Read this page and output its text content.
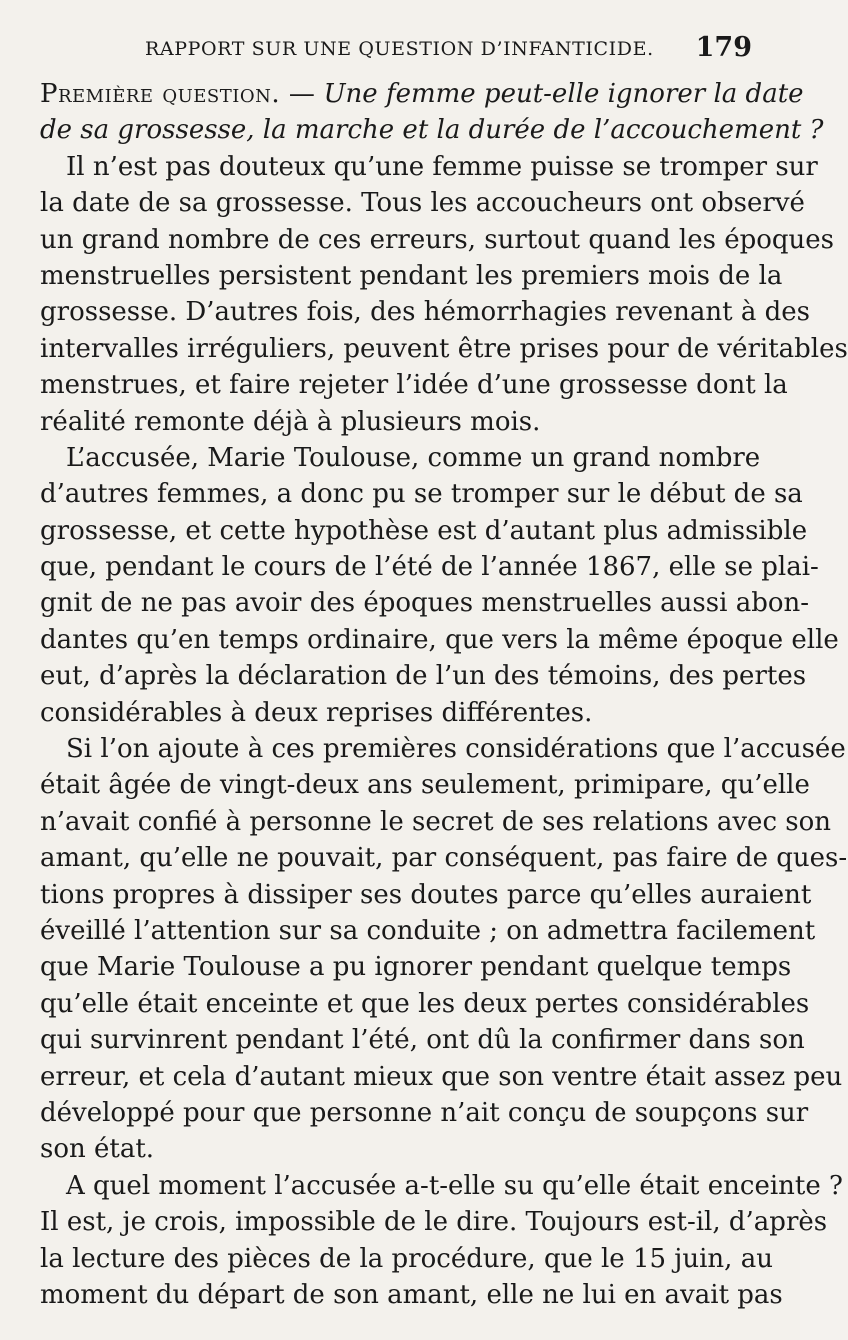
RAPPORT SUR UNE QUESTION D’INFANTICIDE. 179
Première question. — Une femme peut-elle ignorer la date
de sa grossesse, la marche et la durée de l’accouchement ?
Il n’est pas douteux qu’une femme puisse se tromper sur
la date de sa grossesse. Tous les accoucheurs ont observé
un grand nombre de ces erreurs, surtout quand les époques
menstruelles persistent pendant les premiers mois de la
grossesse. D’autres fois, des hémorrhagies revenant à des
intervalles irréguliers, peuvent être prises pour de véritables
menstrues, et faire rejeter l’idée d’une grossesse dont la
réalité remonte déjà à plusieurs mois.
L’accusée, Marie Toulouse, comme un grand nombre
d’autres femmes, a donc pu se tromper sur le début de sa
grossesse, et cette hypothèse est d’autant plus admissible
que, pendant le cours de l’été de l’année 1867, elle se plai-
gnit de ne pas avoir des époques menstruelles aussi abon-
dantes qu’en temps ordinaire, que vers la même époque elle
eut, d’après la déclaration de l’un des témoins, des pertes
considérables à deux reprises différentes.
Si l’on ajoute à ces premières considérations que l’accusée
était âgée de vingt-deux ans seulement, primipare, qu’elle
n’avait confié à personne le secret de ses relations avec son
amant, qu’elle ne pouvait, par conséquent, pas faire de ques-
tions propres à dissiper ses doutes parce qu’elles auraient
éveillé l’attention sur sa conduite ; on admettra facilement
que Marie Toulouse a pu ignorer pendant quelque temps
qu’elle était enceinte et que les deux pertes considérables
qui survinrent pendant l’été, ont dû la confirmer dans son
erreur, et cela d’autant mieux que son ventre était assez peu
développé pour que personne n’ait conçu de soupçons sur
son état.
A quel moment l’accusée a-t-elle su qu’elle était enceinte ?
Il est, je crois, impossible de le dire. Toujours est-il, d’après
la lecture des pièces de la procédure, que le 15 juin, au
moment du départ de son amant, elle ne lui en avait pas
